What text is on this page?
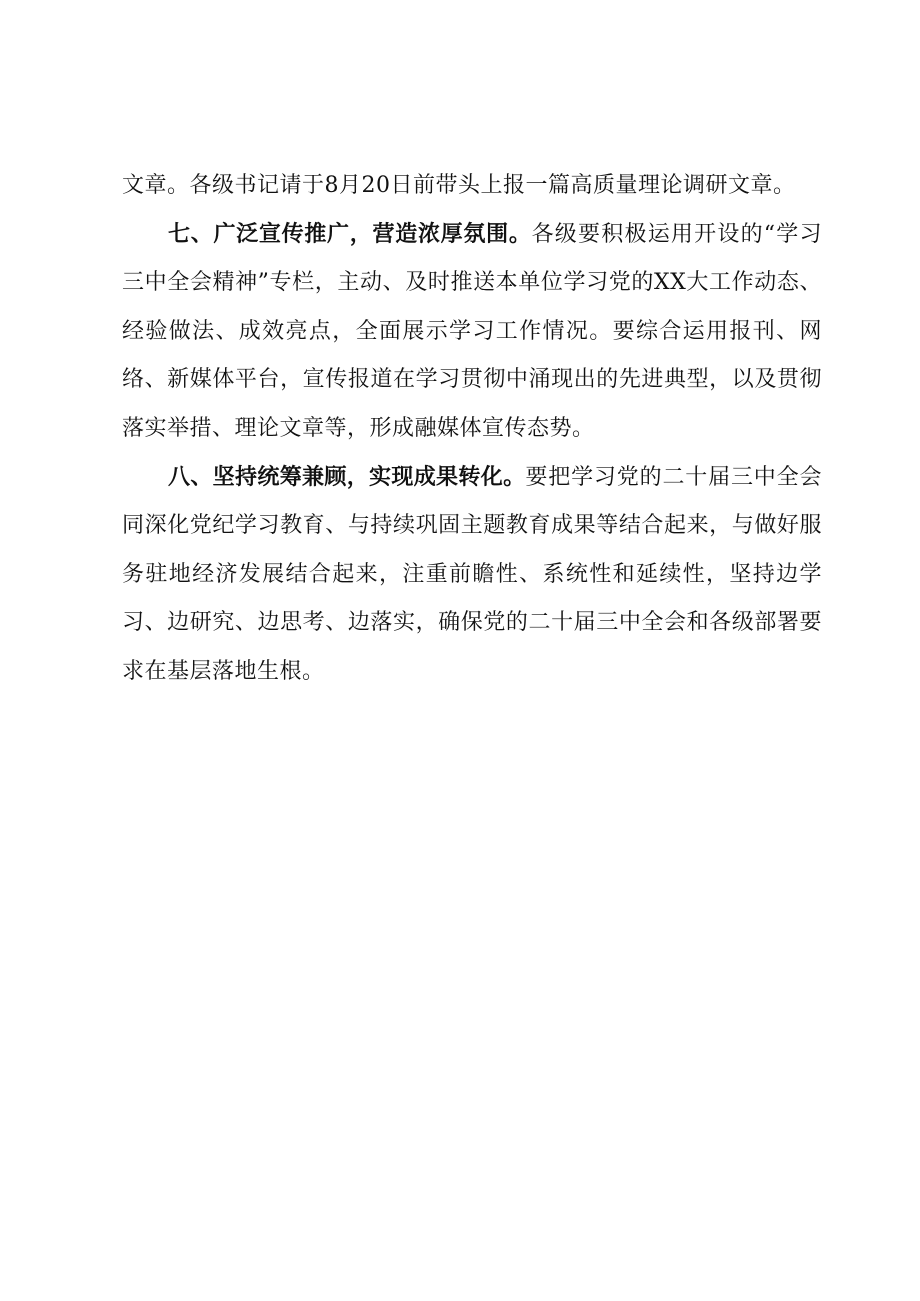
文章。各级书记请于8月20日前带头上报一篇高质量理论调研文章。

七、广泛宣传推广，营造浓厚氛围。各级要积极运用开设的“学习三中全会精神”专栏，主动、及时推送本单位学习党的XX大工作动态、经验做法、成效亮点，全面展示学习工作情况。要综合运用报刊、网络、新媒体平台，宣传报道在学习贯彻中涌现出的先进典型，以及贯彻落实举措、理论文章等，形成融媒体宣传态势。

八、坚持统筹兼顾，实现成果转化。要把学习党的二十届三中全会同深化党纪学习教育、与持续巩固主题教育成果等结合起来，与做好服务驻地经济发展结合起来，注重前瞻性、系统性和延续性，坚持边学习、边研究、边思考、边落实，确保党的二十届三中全会和各级部署要求在基层落地生根。
